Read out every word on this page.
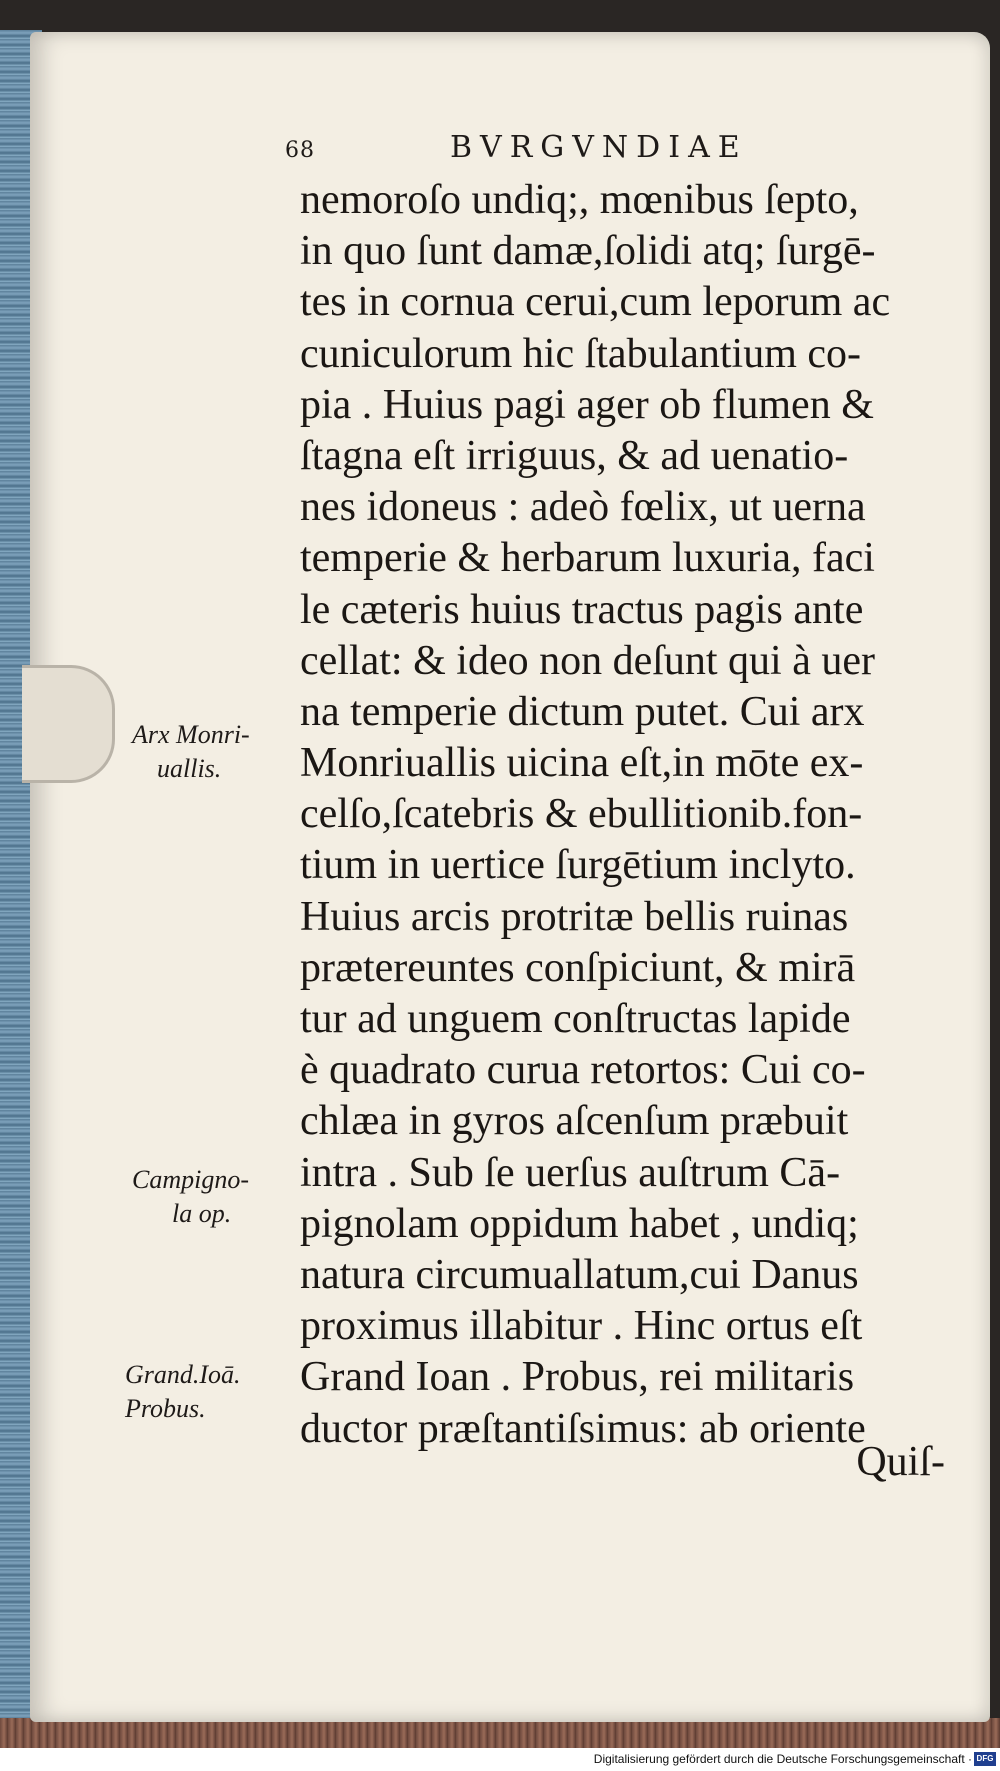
68	BVRGVNDIAE
nemoroſo undiq;, mœnibus ſepto,
in quo ſunt damæ,ſolidi atq; ſurgē-
tes in cornua cerui,cum leporum ac
cuniculorum hic ſtabulantium co-
pia . Huius pagi ager ob flumen &
ſtagna eſt irriguus, & ad uenatio-
nes idoneus : adeò fœlix, ut uerna
temperie & herbarum luxuria, faci
le cæteris huius tractus pagis ante
cellat: & ideo non deſunt qui à uer
na temperie dictum putet. Cui arx
Monriuallis uicina eſt,in mōte ex-
celſo,ſcatebris & ebullitionib.fon-
tium in uertice ſurgētium inclyto.
Huius arcis protritæ bellis ruinas
prætereuntes conſpiciunt, & mirā
tur ad unguem conſtructas lapide
è quadrato curua retortos: Cui co-
chlæa in gyros aſcenſum præbuit
intra . Sub ſe uerſus auſtrum Cā-
pignolam oppidum habet , undiq;
natura circumuallatum,cui Danus
proximus illabitur . Hinc ortus eſt
Grand Ioan . Probus, rei militaris
ductor præſtantiſsimus: ab oriente
Quiſ-
Arx Monri-
uallis.
Campigno-
la op.
Grand.Ioā.
Probus.
Digitalisierung gefördert durch die Deutsche Forschungsgemeinschaft · DFG
